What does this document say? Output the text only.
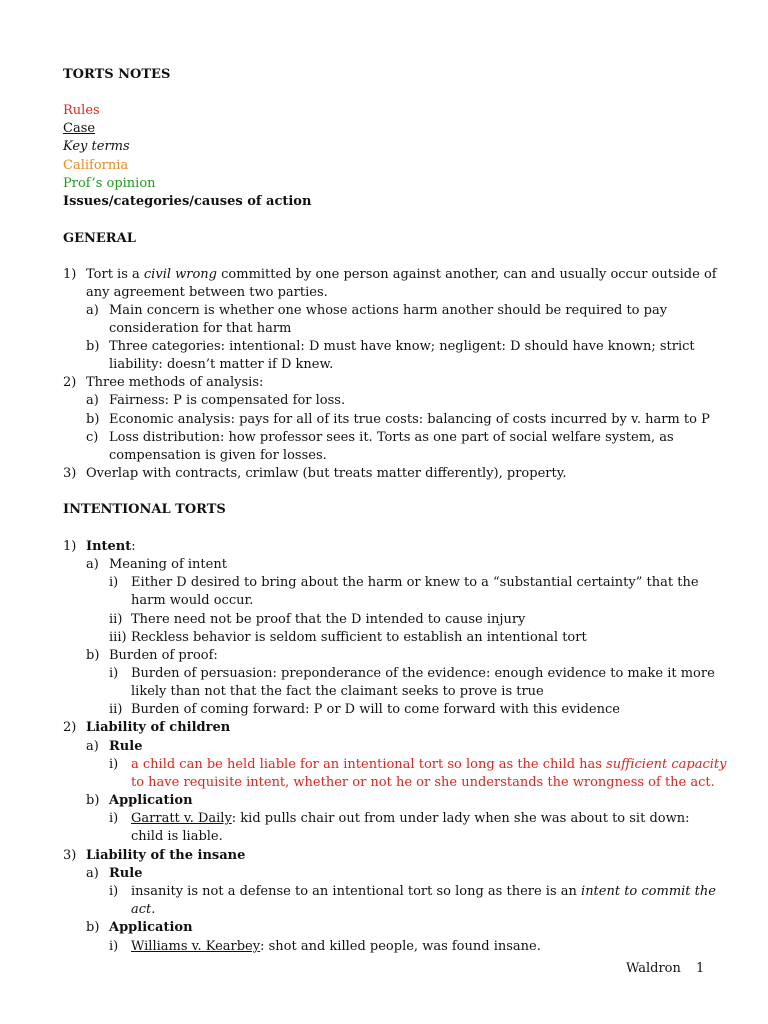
TORTS NOTES
Rules
Case
Key terms
California
Prof’s opinion
Issues/categories/causes of action
GENERAL
1) Tort is a civil wrong committed by one person against another, can and usually occur outside of
any agreement between two parties.
a) Main concern is whether one whose actions harm another should be required to pay
consideration for that harm
b) Three categories: intentional: D must have know; negligent: D should have known; strict
liability: doesn’t matter if D knew.
2) Three methods of analysis:
a) Fairness: P is compensated for loss.
b) Economic analysis: pays for all of its true costs: balancing of costs incurred by v. harm to P
c) Loss distribution: how professor sees it. Torts as one part of social welfare system, as
compensation is given for losses.
3) Overlap with contracts, crimlaw (but treats matter differently), property.
INTENTIONAL TORTS
1) Intent:
a) Meaning of intent
i) Either D desired to bring about the harm or knew to a “substantial certainty” that the
harm would occur.
ii) There need not be proof that the D intended to cause injury
iii) Reckless behavior is seldom sufficient to establish an intentional tort
b) Burden of proof:
i) Burden of persuasion: preponderance of the evidence: enough evidence to make it more
likely than not that the fact the claimant seeks to prove is true
ii) Burden of coming forward: P or D will to come forward with this evidence
2) Liability of children
a) Rule
i) a child can be held liable for an intentional tort so long as the child has sufficient capacity
to have requisite intent, whether or not he or she understands the wrongness of the act.
b) Application
i) Garratt v. Daily: kid pulls chair out from under lady when she was about to sit down:
child is liable.
3) Liability of the insane
a) Rule
i) insanity is not a defense to an intentional tort so long as there is an intent to commit the
act.
b) Application
i) Williams v. Kearbey: shot and killed people, was found insane.
Waldron 1
